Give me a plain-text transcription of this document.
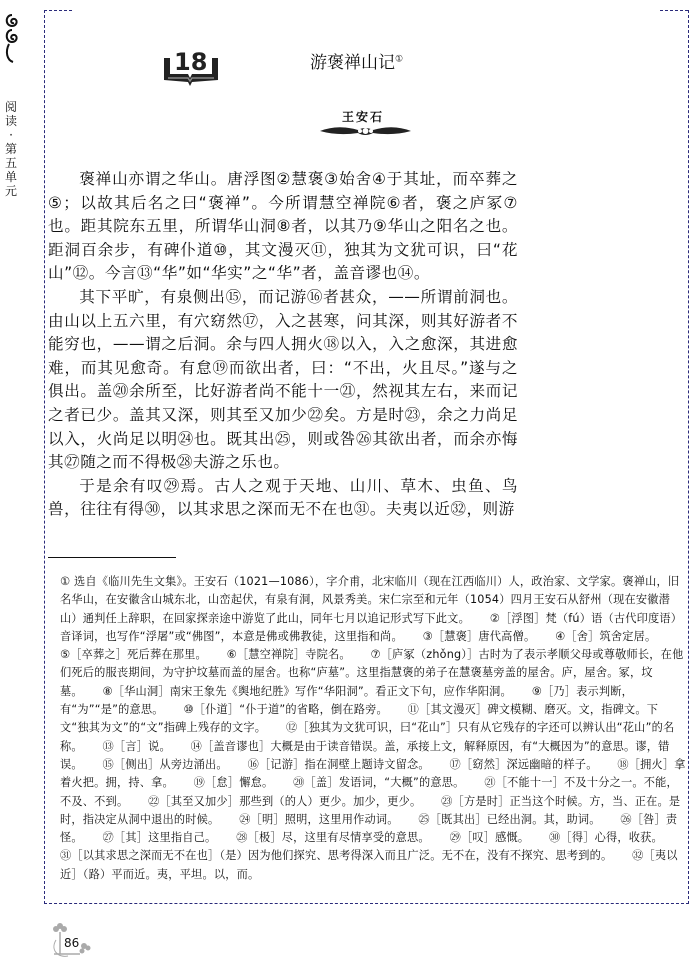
阅
读
·
第
五
单
元
18	游褒禅山记①
王安石

褒禅山亦谓之华山。唐浮图②慧褒③始舍④于其址，而卒葬之⑤；以故其后名之曰“褒禅”。今所谓慧空禅院⑥者，褒之庐冢⑦也。距其院东五里，所谓华山洞⑧者，以其乃⑨华山之阳名之也。距洞百余步，有碑仆道⑩，其文漫灭⑪，独其为文犹可识，曰“花山”⑫。今言⑬“华”如“华实”之“华”者，盖音谬也⑭。

其下平旷，有泉侧出⑮，而记游⑯者甚众，——所谓前洞也。由山以上五六里，有穴窈然⑰，入之甚寒，问其深，则其好游者不能穷也，——谓之后洞。余与四人拥火⑱以入，入之愈深，其进愈难，而其见愈奇。有怠⑲而欲出者，曰：“不出，火且尽。”遂与之俱出。盖⑳余所至，比好游者尚不能十一㉑，然视其左右，来而记之者已少。盖其又深，则其至又加少㉒矣。方是时㉓，余之力尚足以入，火尚足以明㉔也。既其出㉕，则或咎㉖其欲出者，而余亦悔其㉗随之而不得极㉘夫游之乐也。

于是余有叹㉙焉。古人之观于天地、山川、草木、虫鱼、鸟兽，往往有得㉚，以其求思之深而无不在也㉛。夫夷以近㉜，则游

① 选自《临川先生文集》。王安石（1021—1086），字介甫，北宋临川（现在江西临川）人，政治家、文学家。褒禅山，旧名华山，在安徽含山城东北，山峦起伏，有泉有洞，风景秀美。宋仁宗至和元年（1054）四月王安石从舒州（现在安徽潜山）通判任上辞职，在回家探亲途中游览了此山，同年七月以追记形式写下此文。 ②［浮图］梵（fú）语（古代印度语）音译词，也写作“浮屠”或“佛图”，本意是佛或佛教徒，这里指和尚。 ③［慧褒］唐代高僧。 ④［舍］筑舍定居。 ⑤［卒葬之］死后葬在那里。 ⑥［慧空禅院］寺院名。 ⑦［庐冢（zhǒng）］古时为了表示孝顺父母或尊敬师长，在他们死后的服丧期间，为守护坟墓而盖的屋舍。也称“庐墓”。这里指慧褒的弟子在慧褒墓旁盖的屋舍。庐，屋舍。冢，坟墓。 ⑧［华山洞］南宋王象先《舆地纪胜》写作“华阳洞”。看正文下句，应作华阳洞。 ⑨［乃］表示判断，有“为”“是”的意思。 ⑩［仆道］“仆于道”的省略，倒在路旁。 ⑪［其文漫灭］碑文模糊、磨灭。文，指碑文。下文“独其为文”的“文”指碑上残存的文字。 ⑫［独其为文犹可识，曰“花山”］只有从它残存的字还可以辨认出“花山”的名称。 ⑬［言］说。 ⑭［盖音谬也］大概是由于读音错误。盖，承接上文，解释原因，有“大概因为”的意思。谬，错误。 ⑮［侧出］从旁边涌出。 ⑯［记游］指在洞壁上题诗文留念。 ⑰［窈然］深远幽暗的样子。 ⑱［拥火］拿着火把。拥，持、拿。 ⑲［怠］懈怠。 ⑳［盖］发语词，“大概”的意思。 ㉑［不能十一］不及十分之一。不能，不及、不到。 ㉒［其至又加少］那些到（的人）更少。加少，更少。 ㉓［方是时］正当这个时候。方，当、正在。是时，指决定从洞中退出的时候。 ㉔［明］照明，这里用作动词。 ㉕［既其出］已经出洞。其，助词。 ㉖［咎］责怪。 ㉗［其］这里指自己。 ㉘［极］尽，这里有尽情享受的意思。 ㉙［叹］感慨。 ㉚［得］心得，收获。 ㉛［以其求思之深而无不在也］（是）因为他们探究、思考得深入而且广泛。无不在，没有不探究、思考到的。 ㉜［夷以近］（路）平而近。夷，平坦。以，而。
86
